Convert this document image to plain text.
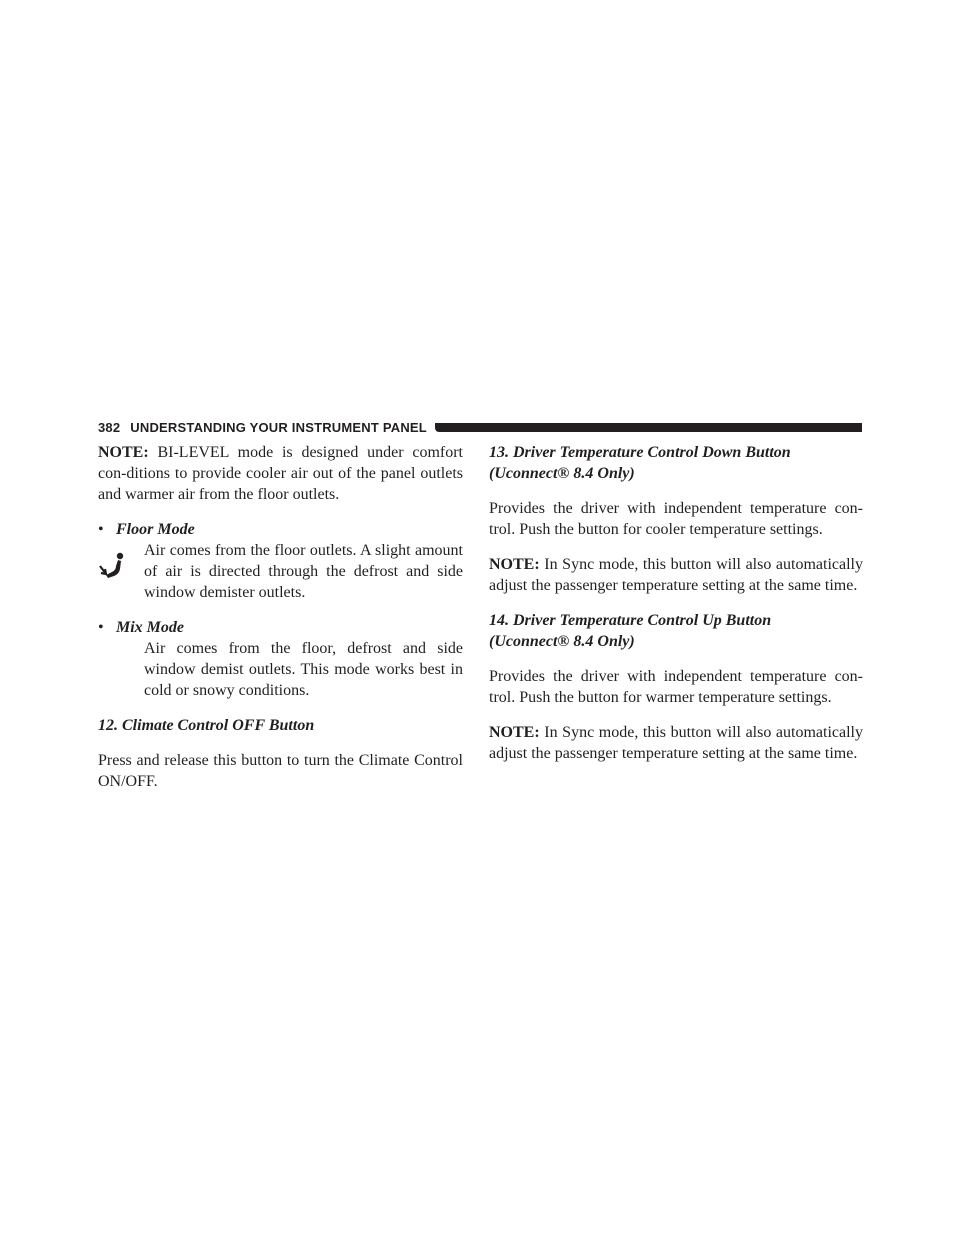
382 UNDERSTANDING YOUR INSTRUMENT PANEL

NOTE: BI-LEVEL mode is designed under comfort con-ditions to provide cooler air out of the panel outlets and warmer air from the floor outlets.

• Floor Mode
Air comes from the floor outlets. A slight amount of air is directed through the defrost and side window demister outlets.
• Mix Mode
Air comes from the floor, defrost and side window demist outlets. This mode works best in cold or snowy conditions.
12. Climate Control OFF Button

Press and release this button to turn the Climate Control ON/OFF.

13. Driver Temperature Control Down Button
(Uconnect® 8.4 Only)

Provides the driver with independent temperature con-trol. Push the button for cooler temperature settings.

NOTE: In Sync mode, this button will also automatically adjust the passenger temperature setting at the same time.

14. Driver Temperature Control Up Button
(Uconnect® 8.4 Only)

Provides the driver with independent temperature con-trol. Push the button for warmer temperature settings.

NOTE: In Sync mode, this button will also automatically adjust the passenger temperature setting at the same time.
